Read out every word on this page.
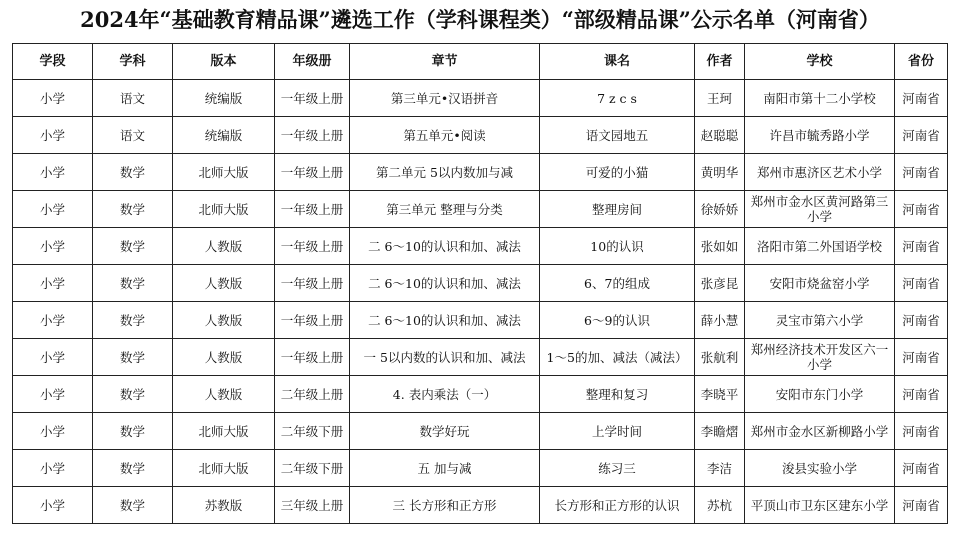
2024年“基础教育精品课”遴选工作（学科课程类）“部级精品课”公示名单（河南省）
学段	学科	版本	年级册	章节	课名	作者	学校	省份
小学	语文	统编版	一年级上册	第三单元•汉语拼音	7 z c s	王珂	南阳市第十二小学校	河南省
小学	语文	统编版	一年级上册	第五单元•阅读	语文园地五	赵聪聪	许昌市毓秀路小学	河南省
小学	数学	北师大版	一年级上册	第二单元 5以内数加与减	可爱的小猫	黄明华	郑州市惠济区艺术小学	河南省
小学	数学	北师大版	一年级上册	第三单元 整理与分类	整理房间	徐娇娇	郑州市金水区黄河路第三小学	河南省
小学	数学	人教版	一年级上册	二 6～10的认识和加、减法	10的认识	张如如	洛阳市第二外国语学校	河南省
小学	数学	人教版	一年级上册	二 6～10的认识和加、减法	6、7的组成	张彦昆	安阳市烧盆窑小学	河南省
小学	数学	人教版	一年级上册	二 6～10的认识和加、减法	6～9的认识	薛小慧	灵宝市第六小学	河南省
小学	数学	人教版	一年级上册	一 5以内数的认识和加、减法	1～5的加、减法（减法）	张航利	郑州经济技术开发区六一小学	河南省
小学	数学	人教版	二年级上册	4. 表内乘法（一）	整理和复习	李晓平	安阳市东门小学	河南省
小学	数学	北师大版	二年级下册	数学好玩	上学时间	李瞻熠	郑州市金水区新柳路小学	河南省
小学	数学	北师大版	二年级下册	五 加与减	练习三	李洁	浚县实验小学	河南省
小学	数学	苏教版	三年级上册	三 长方形和正方形	长方形和正方形的认识	苏杭	平顶山市卫东区建东小学	河南省
